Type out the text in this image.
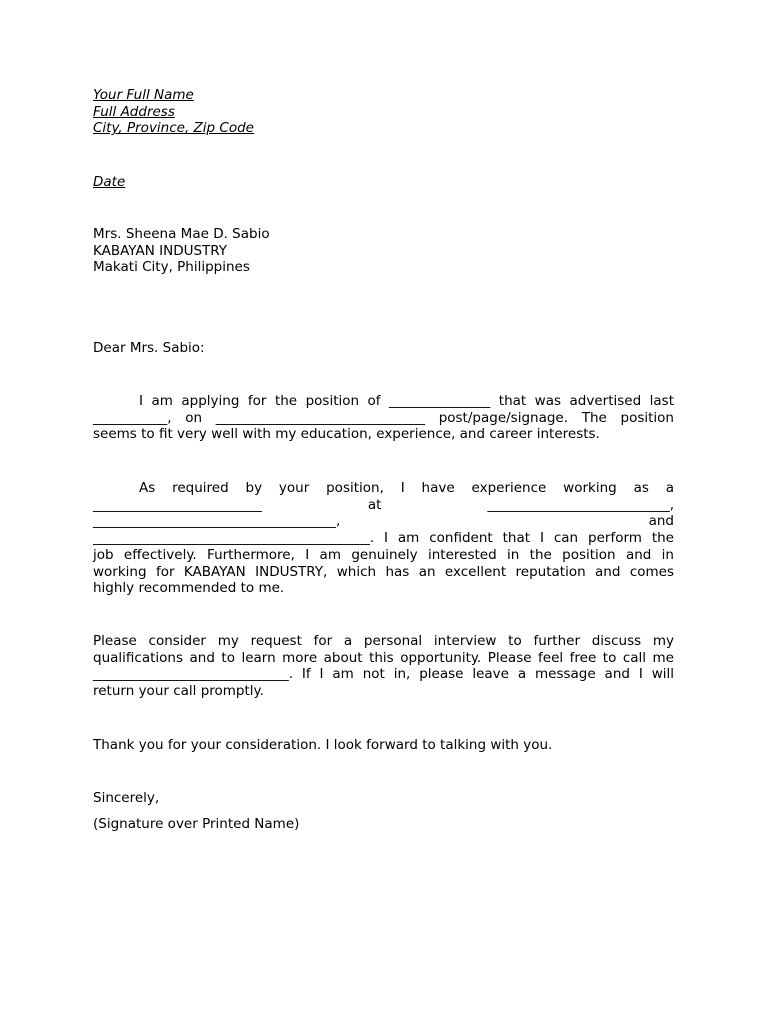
Your Full Name
Full Address
City, Province, Zip Code
Date
Mrs. Sheena Mae D. Sabio
KABAYAN INDUSTRY
Makati City, Philippines
Dear Mrs. Sabio:
I am applying for the position of _______________ that was advertised last
___________, on _______________________________ post/page/signage. The position
seems to fit very well with my education, experience, and career interests.
As required by your position, I have experience working as a
_________________________ at ___________________________,
____________________________________, and
_________________________________________. I am confident that I can perform the
job effectively. Furthermore, I am genuinely interested in the position and in
working for KABAYAN INDUSTRY, which has an excellent reputation and comes
highly recommended to me.
Please consider my request for a personal interview to further discuss my
qualifications and to learn more about this opportunity. Please feel free to call me
_____________________________. If I am not in, please leave a message and I will
return your call promptly.
Thank you for your consideration. I look forward to talking with you.
Sincerely,
(Signature over Printed Name)
